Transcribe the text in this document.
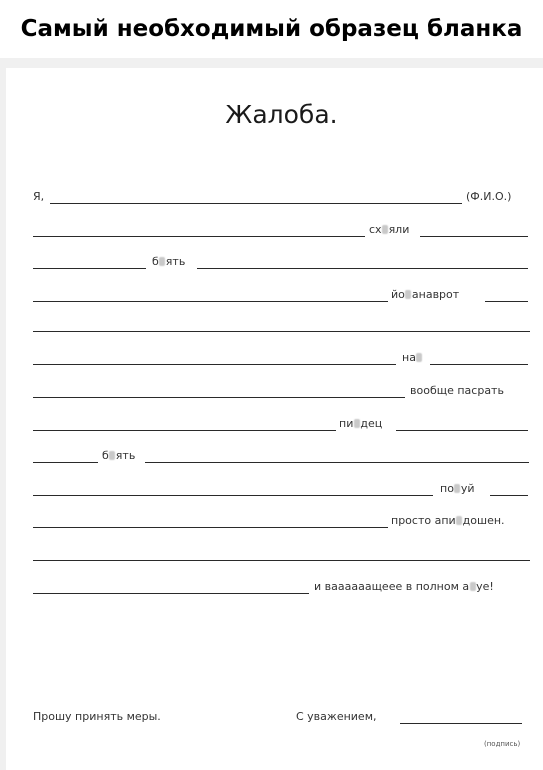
Самый необходимый образец бланка
Жалоба.
Я,	(Ф.И.О.)
сх яли
б ять
йо анаврот
на
вообще пасрать
пи дец
б ять
по уй
просто апи дошен.
и ваааааащеее в полном а уе!
Прошу принять меры.	С уважением,
(подпись)
